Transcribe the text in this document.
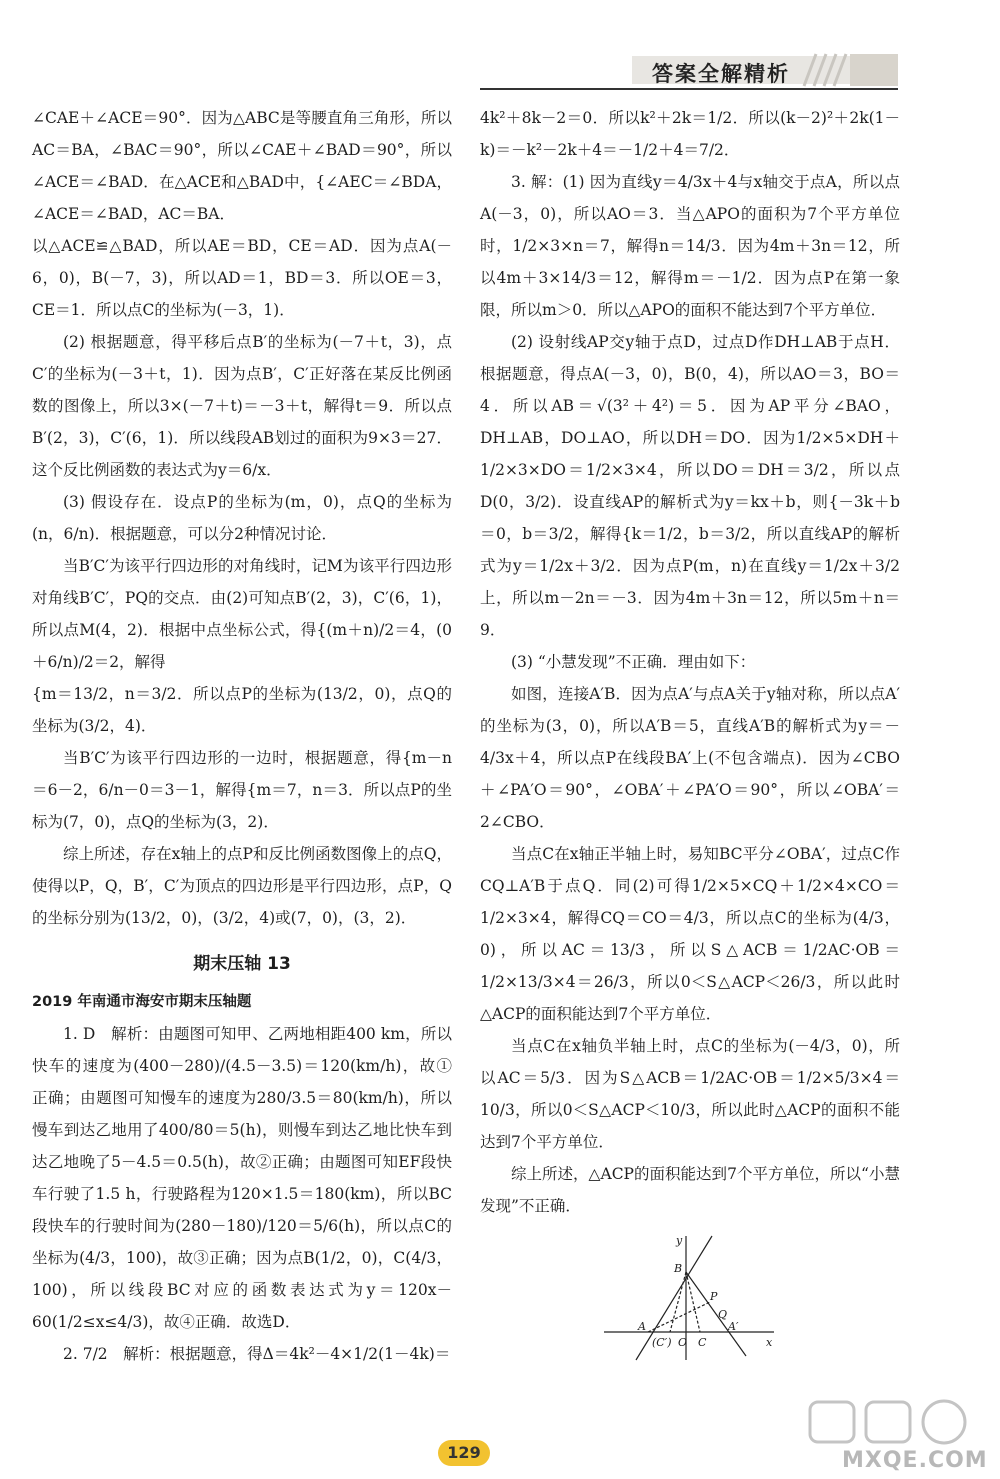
答案全解精析

∠CAE＋∠ACE＝90°．因为△ABC是等腰直角三角形，所以AC＝BA，∠BAC＝90°，所以∠CAE＋∠BAD＝90°，所以∠ACE＝∠BAD．在△ACE和△BAD中，{∠AEC＝∠BDA，∠ACE＝∠BAD，AC＝BA．

以△ACE≌△BAD，所以AE＝BD，CE＝AD．因为点A(－6，0)，B(－7，3)，所以AD＝1，BD＝3．所以OE＝3，CE＝1．所以点C的坐标为(－3，1)．

(2) 根据题意，得平移后点B′的坐标为(－7＋t，3)，点C′的坐标为(－3＋t，1)．因为点B′，C′正好落在某反比例函数的图像上，所以3×(－7＋t)＝－3＋t，解得t＝9．所以点B′(2，3)，C′(6，1)．所以线段AB划过的面积为9×3＝27．这个反比例函数的表达式为y＝6/x．

(3) 假设存在．设点P的坐标为(m，0)，点Q的坐标为(n，6/n)．根据题意，可以分2种情况讨论．

当B′C′为该平行四边形的对角线时，记M为该平行四边形对角线B′C′，PQ的交点．由(2)可知点B′(2，3)，C′(6，1)，所以点M(4，2)．根据中点坐标公式，得{(m＋n)/2＝4，(0＋6/n)/2＝2，解得

{m＝13/2，n＝3/2．所以点P的坐标为(13/2，0)，点Q的坐标为(3/2，4)．

当B′C′为该平行四边形的一边时，根据题意，得{m－n＝6－2，6/n－0＝3－1，解得{m＝7，n＝3．所以点P的坐标为(7，0)，点Q的坐标为(3，2)．

综上所述，存在x轴上的点P和反比例函数图像上的点Q，使得以P，Q，B′，C′为顶点的四边形是平行四边形，点P，Q的坐标分别为(13/2，0)，(3/2，4)或(7，0)，(3，2)．

期末压轴 13
2019 年南通市海安市期末压轴题

1. D　解析：由题图可知甲、乙两地相距400 km，所以快车的速度为(400－280)/(4.5－3.5)＝120(km/h)，故①正确；由题图可知慢车的速度为280/3.5＝80(km/h)，所以慢车到达乙地用了400/80＝5(h)，则慢车到达乙地比快车到达乙地晚了5－4.5＝0.5(h)，故②正确；由题图可知EF段快车行驶了1.5 h，行驶路程为120×1.5＝180(km)，所以BC段快车的行驶时间为(280－180)/120＝5/6(h)，所以点C的坐标为(4/3，100)，故③正确；因为点B(1/2，0)，C(4/3，100)，所以线段BC对应的函数表达式为y＝120x－60(1/2≤x≤4/3)，故④正确．故选D．

2. 7/2　解析：根据题意，得Δ＝4k²－4×1/2(1－4k)＝

4k²＋8k－2＝0．所以k²＋2k＝1/2．所以(k－2)²＋2k(1－k)＝－k²－2k＋4＝－1/2＋4＝7/2．

3. 解：(1) 因为直线y＝4/3x＋4与x轴交于点A，所以点A(－3，0)，所以AO＝3．当△APO的面积为7个平方单位时，1/2×3×n＝7，解得n＝14/3．因为4m＋3n＝12，所以4m＋3×14/3＝12，解得m＝－1/2．因为点P在第一象限，所以m＞0．所以△APO的面积不能达到7个平方单位．

(2) 设射线AP交y轴于点D，过点D作DH⊥AB于点H．根据题意，得点A(－3，0)，B(0，4)，所以AO＝3，BO＝4．所以AB＝√(3²＋4²)＝5．因为AP平分∠BAO，DH⊥AB，DO⊥AO，所以DH＝DO．因为1/2×5×DH＋1/2×3×DO＝1/2×3×4，所以DO＝DH＝3/2，所以点D(0，3/2)．设直线AP的解析式为y＝kx＋b，则{－3k＋b＝0，b＝3/2，解得{k＝1/2，b＝3/2，所以直线AP的解析式为y＝1/2x＋3/2．因为点P(m，n)在直线y＝1/2x＋3/2上，所以m－2n＝－3．因为4m＋3n＝12，所以5m＋n＝9．

(3) “小慧发现”不正确．理由如下：

如图，连接A′B．因为点A′与点A关于y轴对称，所以点A′的坐标为(3，0)，所以A′B＝5，直线A′B的解析式为y＝－4/3x＋4，所以点P在线段BA′上(不包含端点)．因为∠CBO＋∠PA′O＝90°，∠OBA′＋∠PA′O＝90°，所以∠OBA′＝2∠CBO．

当点C在x轴正半轴上时，易知BC平分∠OBA′，过点C作CQ⊥A′B于点Q．同(2)可得1/2×5×CQ＋1/2×4×CO＝1/2×3×4，解得CQ＝CO＝4/3，所以点C的坐标为(4/3，0)，所以AC＝13/3，所以S△ACB＝1/2AC·OB＝1/2×13/3×4＝26/3，所以0＜S△ACP＜26/3，所以此时△ACP的面积能达到7个平方单位．

当点C在x轴负半轴上时，点C的坐标为(－4/3，0)，所以AC＝5/3．因为S△ACB＝1/2AC·OB＝1/2×5/3×4＝10/3，所以0＜S△ACP＜10/3，所以此时△ACP的面积不能达到7个平方单位．

综上所述，△ACP的面积能达到7个平方单位，所以“小慧发现”不正确．

y
x
B
A
(C′) O C
P
Q
A′
129	MXQE.COM
